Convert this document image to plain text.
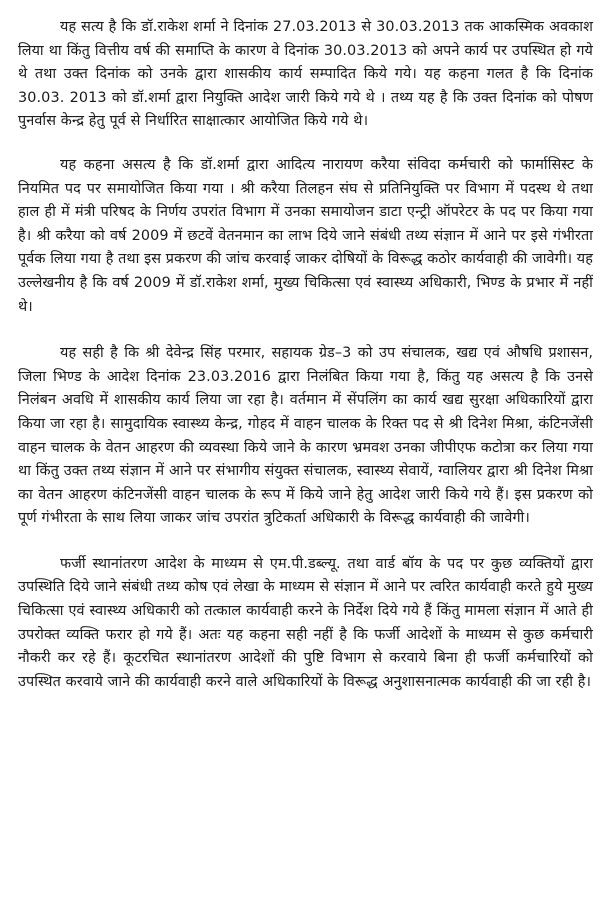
यह सत्य है कि डॉ.राकेश शर्मा ने दिनांक 27.03.2013 से 30.03.2013 तक आकस्मिक अवकाश लिया था किंतु वित्तीय वर्ष की समाप्ति के कारण वे दिनांक 30.03.2013 को अपने कार्य पर उपस्थित हो गये थे तथा उक्त दिनांक को उनके द्वारा शासकीय कार्य सम्पादित किये गये। यह कहना गलत है कि दिनांक 30.03. 2013 को डॉ.शर्मा द्वारा नियुक्ति आदेश जारी किये गये थे । तथ्य यह है कि उक्त दिनांक को पोषण पुनर्वास केन्द्र हेतु पूर्व से निर्धारित साक्षात्कार आयोजित किये गये थे।

यह कहना असत्य है कि डॉ.शर्मा द्वारा आदित्य नारायण करैया संविदा कर्मचारी को फार्मासिस्ट के नियमित पद पर समायोजित किया गया । श्री करैया तिलहन संघ से प्रतिनियुक्ति पर विभाग में पदस्थ थे तथा हाल ही में मंत्री परिषद के निर्णय उपरांत विभाग में उनका समायोजन डाटा एन्ट्री ऑपरेटर के पद पर किया गया है। श्री करैया को वर्ष 2009 में छटवें वेतनमान का लाभ दिये जाने संबंधी तथ्य संज्ञान में आने पर इसे गंभीरता पूर्वक लिया गया है तथा इस प्रकरण की जांच करवाई जाकर दोषियों के विरूद्ध कठोर कार्यवाही की जावेगी। यह उल्लेखनीय है कि वर्ष 2009 में डॉ.राकेश शर्मा, मुख्य चिकित्सा एवं स्वास्थ्य अधिकारी, भिण्ड के प्रभार में नहीं थे।

यह सही है कि श्री देवेन्द्र सिंह परमार, सहायक ग्रेड–3 को उप संचालक, खद्य एवं औषधि प्रशासन, जिला भिण्ड के आदेश दिनांक 23.03.2016 द्वारा निलंबित किया गया है, किंतु यह असत्य है कि उनसे निलंबन अवधि में शासकीय कार्य लिया जा रहा है। वर्तमान में सेंपलिंग का कार्य खद्य सुरक्षा अधिकारियों द्वारा किया जा रहा है। सामुदायिक स्वास्थ्य केन्द्र, गोहद में वाहन चालक के रिक्त पद से श्री दिनेश मिश्रा, कंटिनजेंसी वाहन चालक के वेतन आहरण की व्यवस्था किये जाने के कारण भ्रमवश उनका जीपीएफ कटोत्रा कर लिया गया था किंतु उक्त तथ्य संज्ञान में आने पर संभागीय संयुक्त संचालक, स्वास्थ्य सेवायें, ग्वालियर द्वारा श्री दिनेश मिश्रा का वेतन आहरण कंटिनजेंसी वाहन चालक के रूप में किये जाने हेतु आदेश जारी किये गये हैं। इस प्रकरण को पूर्ण गंभीरता के साथ लिया जाकर जांच उपरांत त्रुटिकर्ता अधिकारी के विरूद्ध कार्यवाही की जावेगी।

फर्जी स्थानांतरण आदेश के माध्यम से एम.पी.डब्ल्यू. तथा वार्ड बॉय के पद पर कुछ व्यक्तियों द्वारा उपस्थिति दिये जाने संबंधी तथ्य कोष एवं लेखा के माध्यम से संज्ञान में आने पर त्वरित कार्यवाही करते हुये मुख्य चिकित्सा एवं स्वास्थ्य अधिकारी को तत्काल कार्यवाही करने के निर्देश दिये गये हैं किंतु मामला संज्ञान में आते ही उपरोक्त व्यक्ति फरार हो गये हैं। अतः यह कहना सही नहीं है कि फर्जी आदेशों के माध्यम से कुछ कर्मचारी नौकरी कर रहे हैं। कूटरचित स्थानांतरण आदेशों की पुष्टि विभाग से करवाये बिना ही फर्जी कर्मचारियों को उपस्थित करवाये जाने की कार्यवाही करने वाले अधिकारियों के विरूद्ध अनुशासनात्मक कार्यवाही की जा रही है।
